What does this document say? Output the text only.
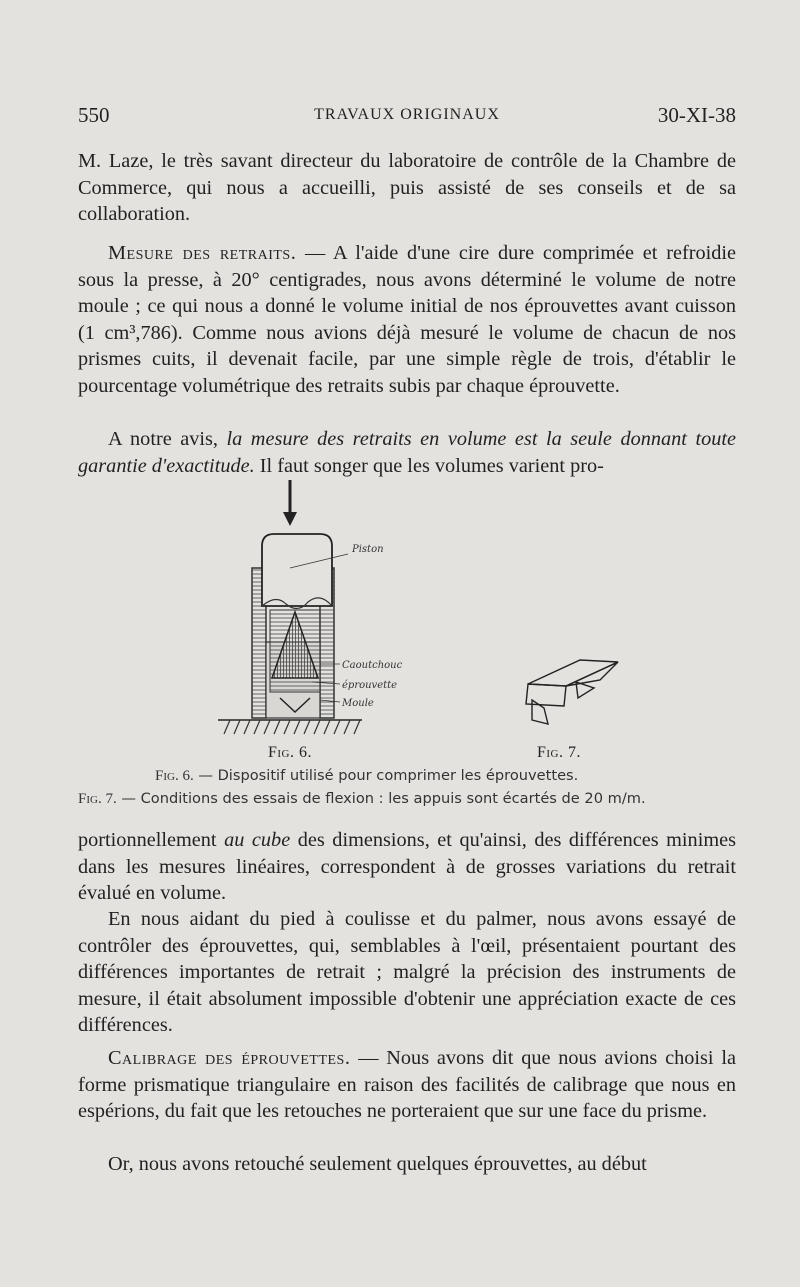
550	TRAVAUX ORIGINAUX	30-XI-38

M. Laze, le très savant directeur du laboratoire de contrôle de la Chambre de Commerce, qui nous a accueilli, puis assisté de ses conseils et de sa collaboration.

Mesure des retraits. — A l'aide d'une cire dure comprimée et refroidie sous la presse, à 20° centigrades, nous avons déterminé le volume de notre moule ; ce qui nous a donné le volume initial de nos éprouvettes avant cuisson (1 cm³,786). Comme nous avions déjà mesuré le volume de chacun de nos prismes cuits, il devenait facile, par une simple règle de trois, d'établir le pourcentage volumétrique des retraits subis par chaque éprouvette.

A notre avis, la mesure des retraits en volume est la seule donnant toute garantie d'exactitude. Il faut songer que les volumes varient pro-

Piston
Caoutchouc
éprouvette
Moule
Fig. 6.	Fig. 7.
Fig. 6. — Dispositif utilisé pour comprimer les éprouvettes.
Fig. 7. — Conditions des essais de flexion : les appuis sont écartés de 20 m/m.

portionnellement au cube des dimensions, et qu'ainsi, des différences minimes dans les mesures linéaires, correspondent à de grosses variations du retrait évalué en volume.

En nous aidant du pied à coulisse et du palmer, nous avons essayé de contrôler des éprouvettes, qui, semblables à l'œil, présentaient pourtant des différences importantes de retrait ; malgré la précision des instruments de mesure, il était absolument impossible d'obtenir une appréciation exacte de ces différences.

Calibrage des éprouvettes. — Nous avons dit que nous avions choisi la forme prismatique triangulaire en raison des facilités de calibrage que nous en espérions, du fait que les retouches ne porteraient que sur une face du prisme.

Or, nous avons retouché seulement quelques éprouvettes, au début
